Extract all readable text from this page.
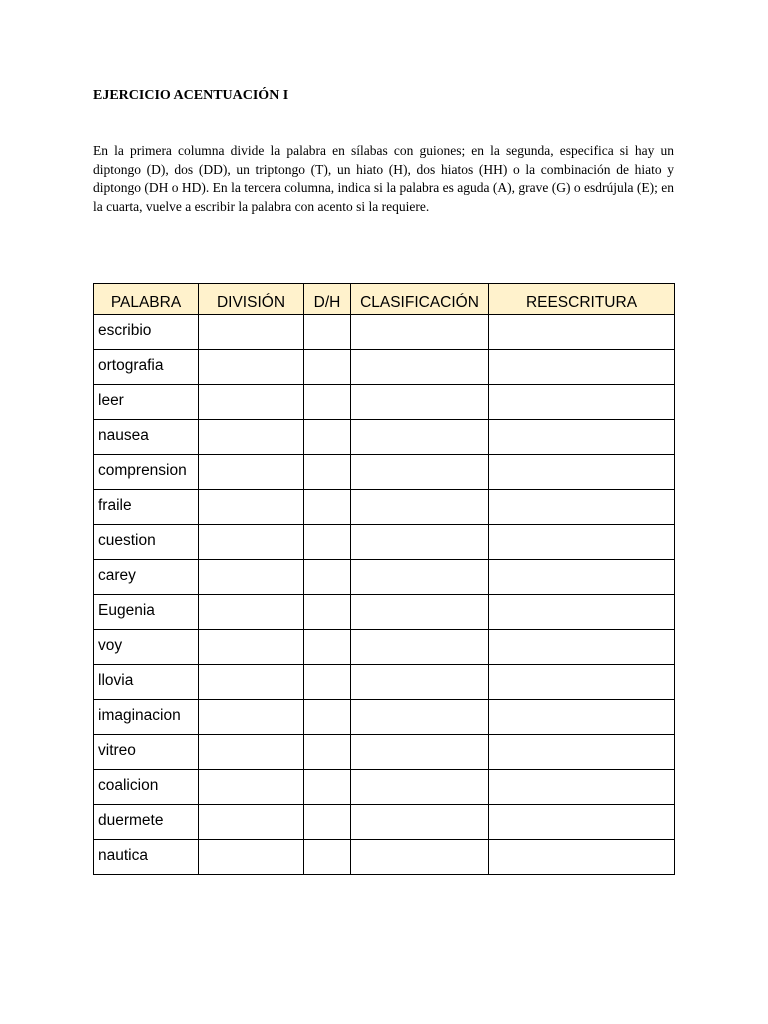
EJERCICIO ACENTUACIÓN I

En la primera columna divide la palabra en sílabas con guiones; en la segunda, especifica si hay un diptongo (D), dos (DD), un triptongo (T), un hiato (H), dos hiatos (HH) o la combinación de hiato y diptongo (DH o HD). En la tercera columna, indica si la palabra es aguda (A), grave (G) o esdrújula (E); en la cuarta, vuelve a escribir la palabra con acento si la requiere.

PALABRA	DIVISIÓN	D/H	CLASIFICACIÓN	REESCRITURA

escribio				

ortografia				

leer				

nausea				

comprension				

fraile				

cuestion				

carey				

Eugenia				

voy				

llovia				

imaginacion				

vitreo				

coalicion				

duermete				

nautica				
